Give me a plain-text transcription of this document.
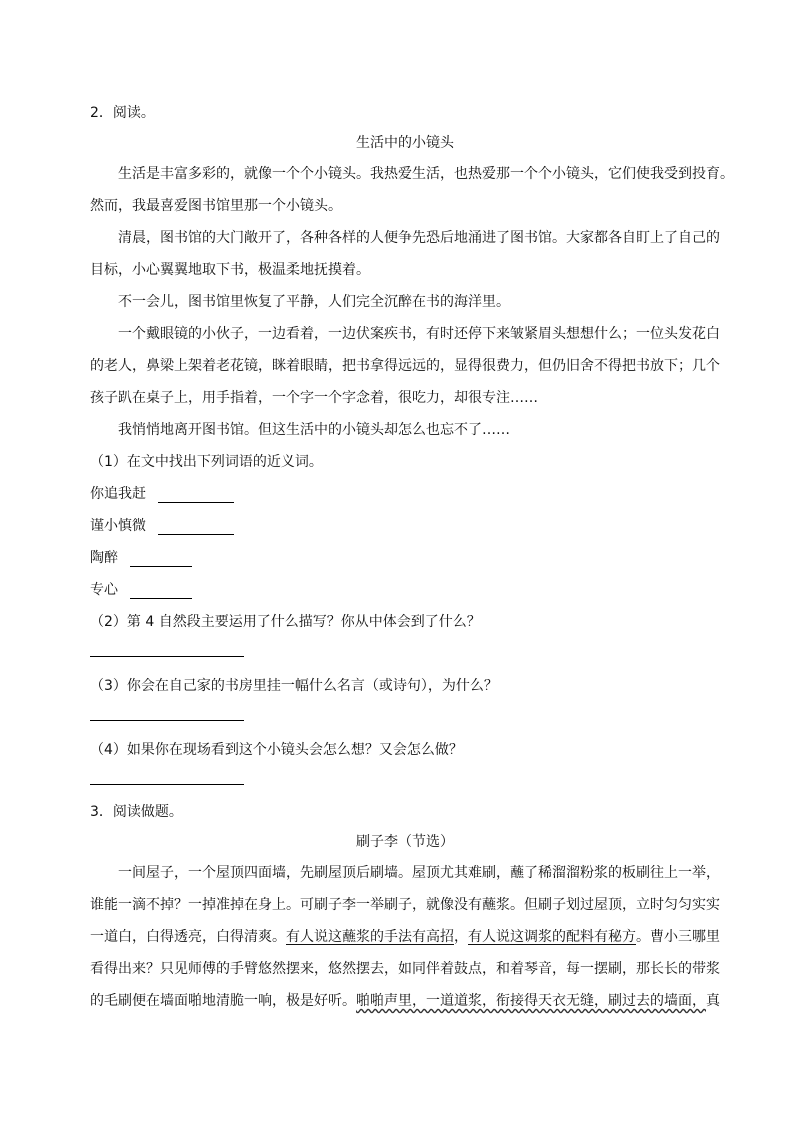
2．阅读。
生活中的小镜头
生活是丰富多彩的，就像一个个小镜头。我热爱生活，也热爱那一个个小镜头，它们使我受到投育。
然而，我最喜爱图书馆里那一个小镜头。
清晨，图书馆的大门敞开了，各种各样的人便争先恐后地涌进了图书馆。大家都各自盯上了自己的
目标，小心翼翼地取下书，极温柔地抚摸着。
不一会儿，图书馆里恢复了平静，人们完全沉醉在书的海洋里。
一个戴眼镜的小伙子，一边看着，一边伏案疾书，有时还停下来皱紧眉头想想什么；一位头发花白
的老人，鼻梁上架着老花镜，眯着眼睛，把书拿得远远的，显得很费力，但仍旧舍不得把书放下；几个
孩子趴在桌子上，用手指着，一个字一个字念着，很吃力，却很专注……
我悄悄地离开图书馆。但这生活中的小镜头却怎么也忘不了……
（1）在文中找出下列词语的近义词。
你追我赶
谨小慎微
陶醉
专心
（2）第 4 自然段主要运用了什么描写？你从中体会到了什么？
（3）你会在自己家的书房里挂一幅什么名言（或诗句），为什么？
（4）如果你在现场看到这个小镜头会怎么想？又会怎么做？
3．阅读做题。
刷子李（节选）
一间屋子，一个屋顶四面墙，先刷屋顶后刷墙。屋顶尤其难刷，蘸了稀溜溜粉浆的板刷往上一举，
谁能一滴不掉？一掉准掉在身上。可刷子李一举刷子，就像没有蘸浆。但刷子划过屋顶，立时匀匀实实
一道白，白得透亮，白得清爽。有人说这蘸浆的手法有高招，有人说这调浆的配料有秘方。曹小三哪里
看得出来？只见师傅的手臂悠然摆来，悠然摆去，如同伴着鼓点，和着琴音，每一摆刷，那长长的带浆
的毛刷便在墙面啪地清脆一响，极是好听。啪啪声里，一道道浆，衔接得天衣无缝，刷过去的墙面，真
